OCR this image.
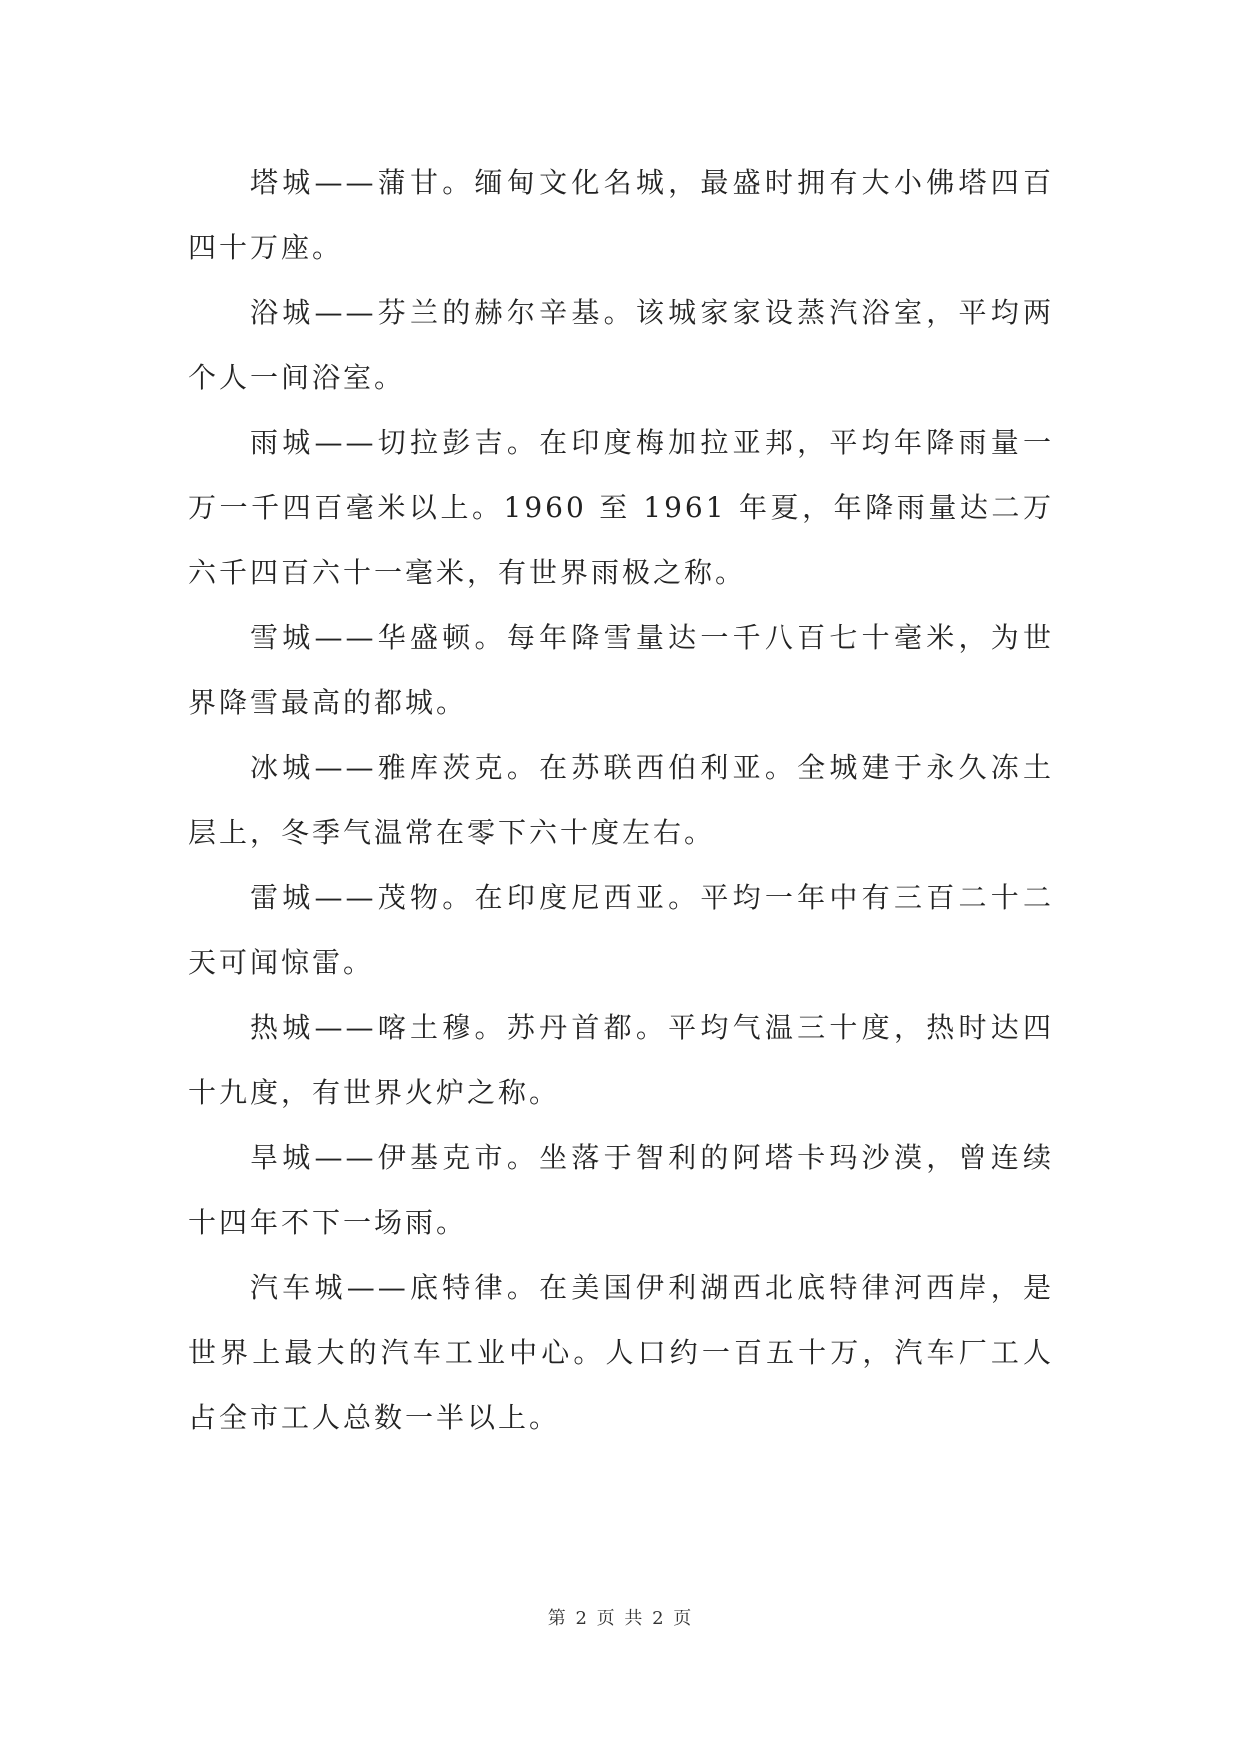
塔城——蒲甘。缅甸文化名城，最盛时拥有大小佛塔四百四十万座。

浴城——芬兰的赫尔辛基。该城家家设蒸汽浴室，平均两个人一间浴室。

雨城——切拉彭吉。在印度梅加拉亚邦，平均年降雨量一万一千四百毫米以上。1960 至 1961 年夏，年降雨量达二万六千四百六十一毫米，有世界雨极之称。

雪城——华盛顿。每年降雪量达一千八百七十毫米，为世界降雪最高的都城。

冰城——雅库茨克。在苏联西伯利亚。全城建于永久冻土层上，冬季气温常在零下六十度左右。

雷城——茂物。在印度尼西亚。平均一年中有三百二十二天可闻惊雷。

热城——喀土穆。苏丹首都。平均气温三十度，热时达四十九度，有世界火炉之称。

旱城——伊基克市。坐落于智利的阿塔卡玛沙漠，曾连续十四年不下一场雨。

汽车城——底特律。在美国伊利湖西北底特律河西岸，是世界上最大的汽车工业中心。人口约一百五十万，汽车厂工人占全市工人总数一半以上。

第 2 页 共 2 页
